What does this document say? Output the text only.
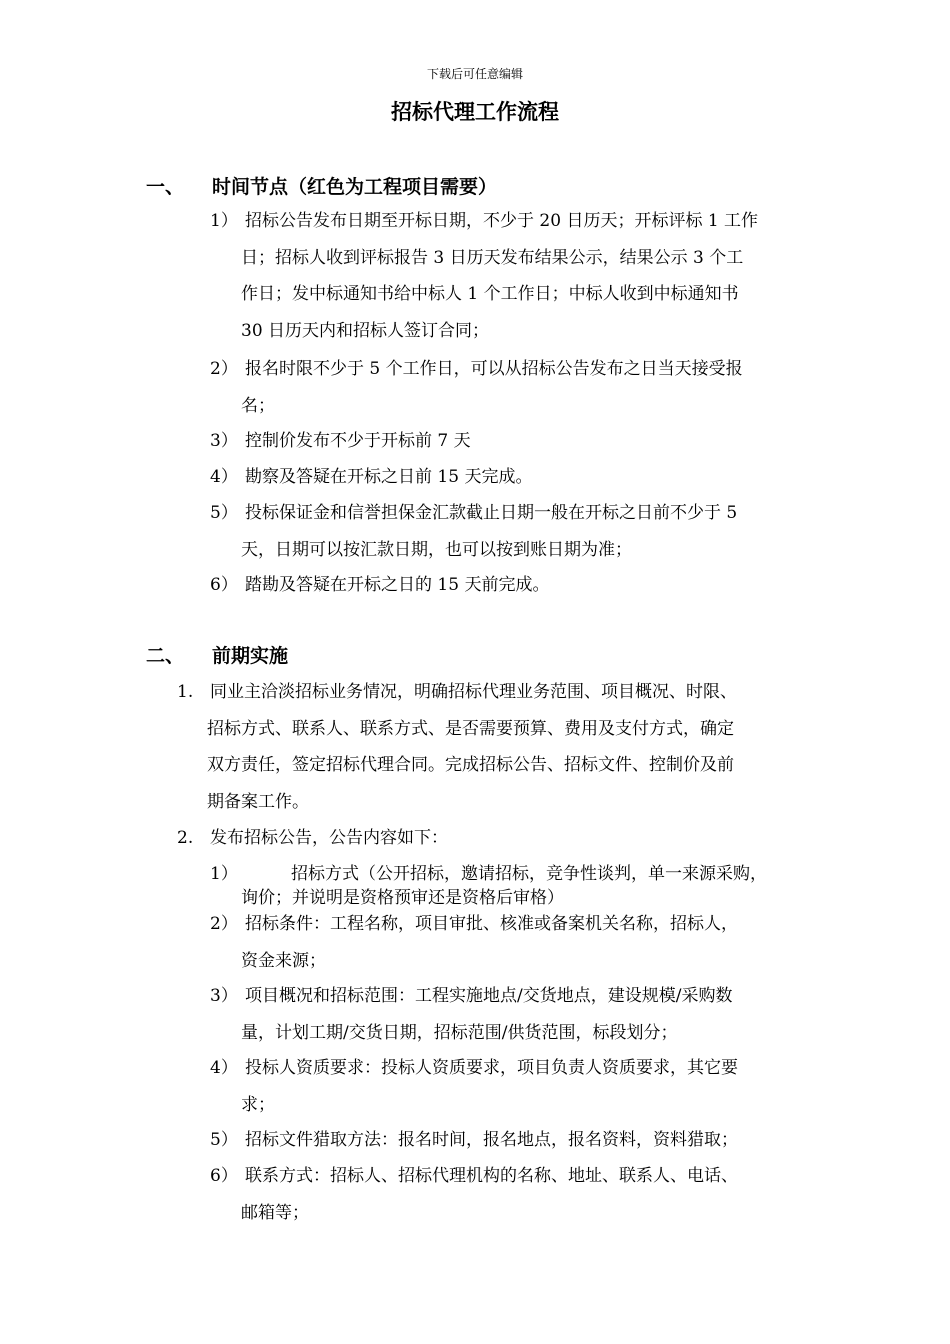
下载后可任意编辑
招标代理工作流程
一、 时间节点（红色为工程项目需要）
1） 招标公告发布日期至开标日期，不少于 20 日历天；开标评标 1 工作
日；招标人收到评标报告 3 日历天发布结果公示，结果公示 3 个工
作日；发中标通知书给中标人 1 个工作日；中标人收到中标通知书
30 日历天内和招标人签订合同；
2） 报名时限不少于 5 个工作日，可以从招标公告发布之日当天接受报
名；
3） 控制价发布不少于开标前 7 天
4） 勘察及答疑在开标之日前 15 天完成。
5） 投标保证金和信誉担保金汇款截止日期一般在开标之日前不少于 5
天，日期可以按汇款日期，也可以按到账日期为准；
6） 踏勘及答疑在开标之日的 15 天前完成。
二、 前期实施
1. 同业主洽淡招标业务情况，明确招标代理业务范围、项目概况、时限、
招标方式、联系人、联系方式、是否需要预算、费用及支付方式，确定
双方责任，签定招标代理合同。完成招标公告、招标文件、控制价及前
期备案工作。
2. 发布招标公告，公告内容如下：
1）	招标方式（公开招标，邀请招标，竞争性谈判，单一来源采购，
询价；并说明是资格预审还是资格后审格）
2） 招标条件：工程名称，项目审批、核准或备案机关名称，招标人，
资金来源；
3） 项目概况和招标范围：工程实施地点/交货地点，建设规模/采购数
量，计划工期/交货日期，招标范围/供货范围，标段划分；
4） 投标人资质要求：投标人资质要求，项目负责人资质要求，其它要
求；
5） 招标文件猎取方法：报名时间，报名地点，报名资料，资料猎取；
6） 联系方式：招标人、招标代理机构的名称、地址、联系人、电话、
邮箱等；
